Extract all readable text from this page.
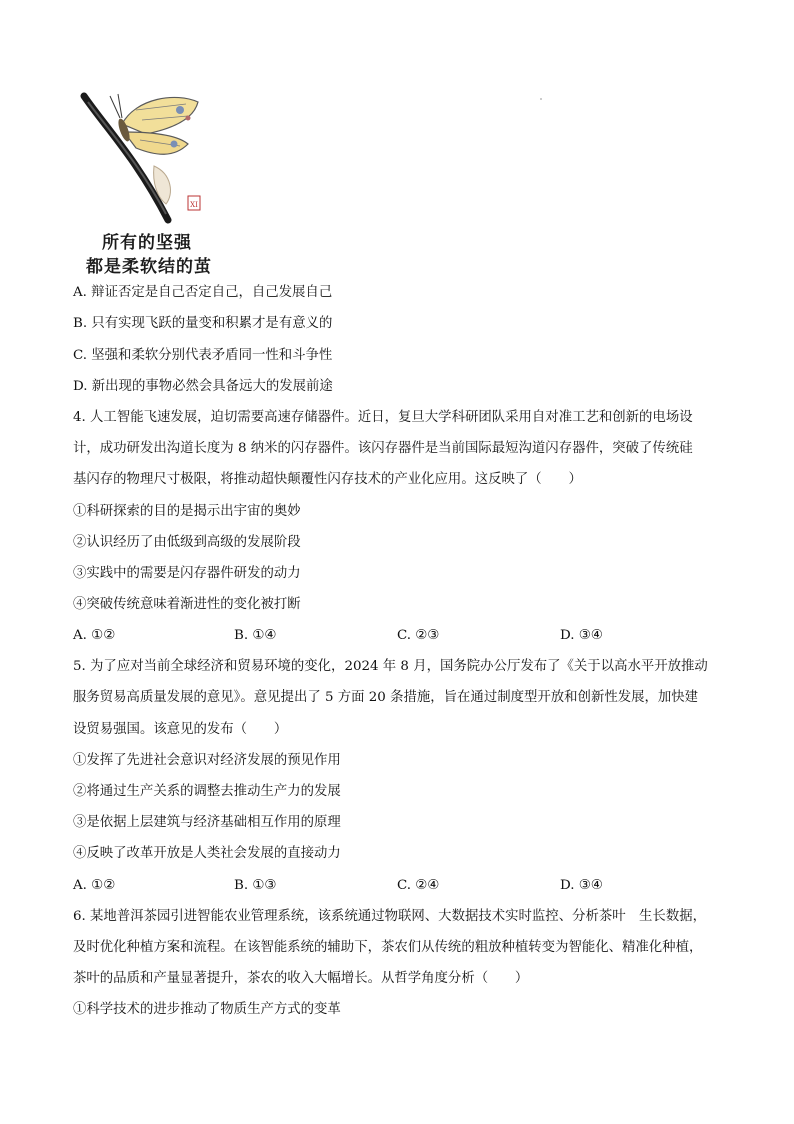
XI
所有的坚强
都是柔软结的茧

A. 辩证否定是自己否定自己，自己发展自己

B. 只有实现飞跃的量变和积累才是有意义的

C. 坚强和柔软分别代表矛盾同一性和斗争性

D. 新出现的事物必然会具备远大的发展前途

4. 人工智能飞速发展，迫切需要高速存储器件。近日，复旦大学科研团队采用自对准工艺和创新的电场设

计，成功研发出沟道长度为 8 纳米的闪存器件。该闪存器件是当前国际最短沟道闪存器件，突破了传统硅

基闪存的物理尺寸极限，将推动超快颠覆性闪存技术的产业化应用。这反映了（　　）

①科研探索的目的是揭示出宇宙的奥妙

②认识经历了由低级到高级的发展阶段

③实践中的需要是闪存器件研发的动力

④突破传统意味着渐进性的变化被打断

A. ①②	B. ①④	C. ②③	D. ③④

5. 为了应对当前全球经济和贸易环境的变化，2024 年 8 月，国务院办公厅发布了《关于以高水平开放推动

服务贸易高质量发展的意见》。意见提出了 5 方面 20 条措施，旨在通过制度型开放和创新性发展，加快建

设贸易强国。该意见的发布（　　）

①发挥了先进社会意识对经济发展的预见作用

②将通过生产关系的调整去推动生产力的发展

③是依据上层建筑与经济基础相互作用的原理

④反映了改革开放是人类社会发展的直接动力

A. ①②	B. ①③	C. ②④	D. ③④

6. 某地普洱茶园引进智能农业管理系统，该系统通过物联网、大数据技术实时监控、分析茶叶　生长数据，

及时优化种植方案和流程。在该智能系统的辅助下，茶农们从传统的粗放种植转变为智能化、精准化种植，

茶叶的品质和产量显著提升，茶农的收入大幅增长。从哲学角度分析（　　）

①科学技术的进步推动了物质生产方式的变革
